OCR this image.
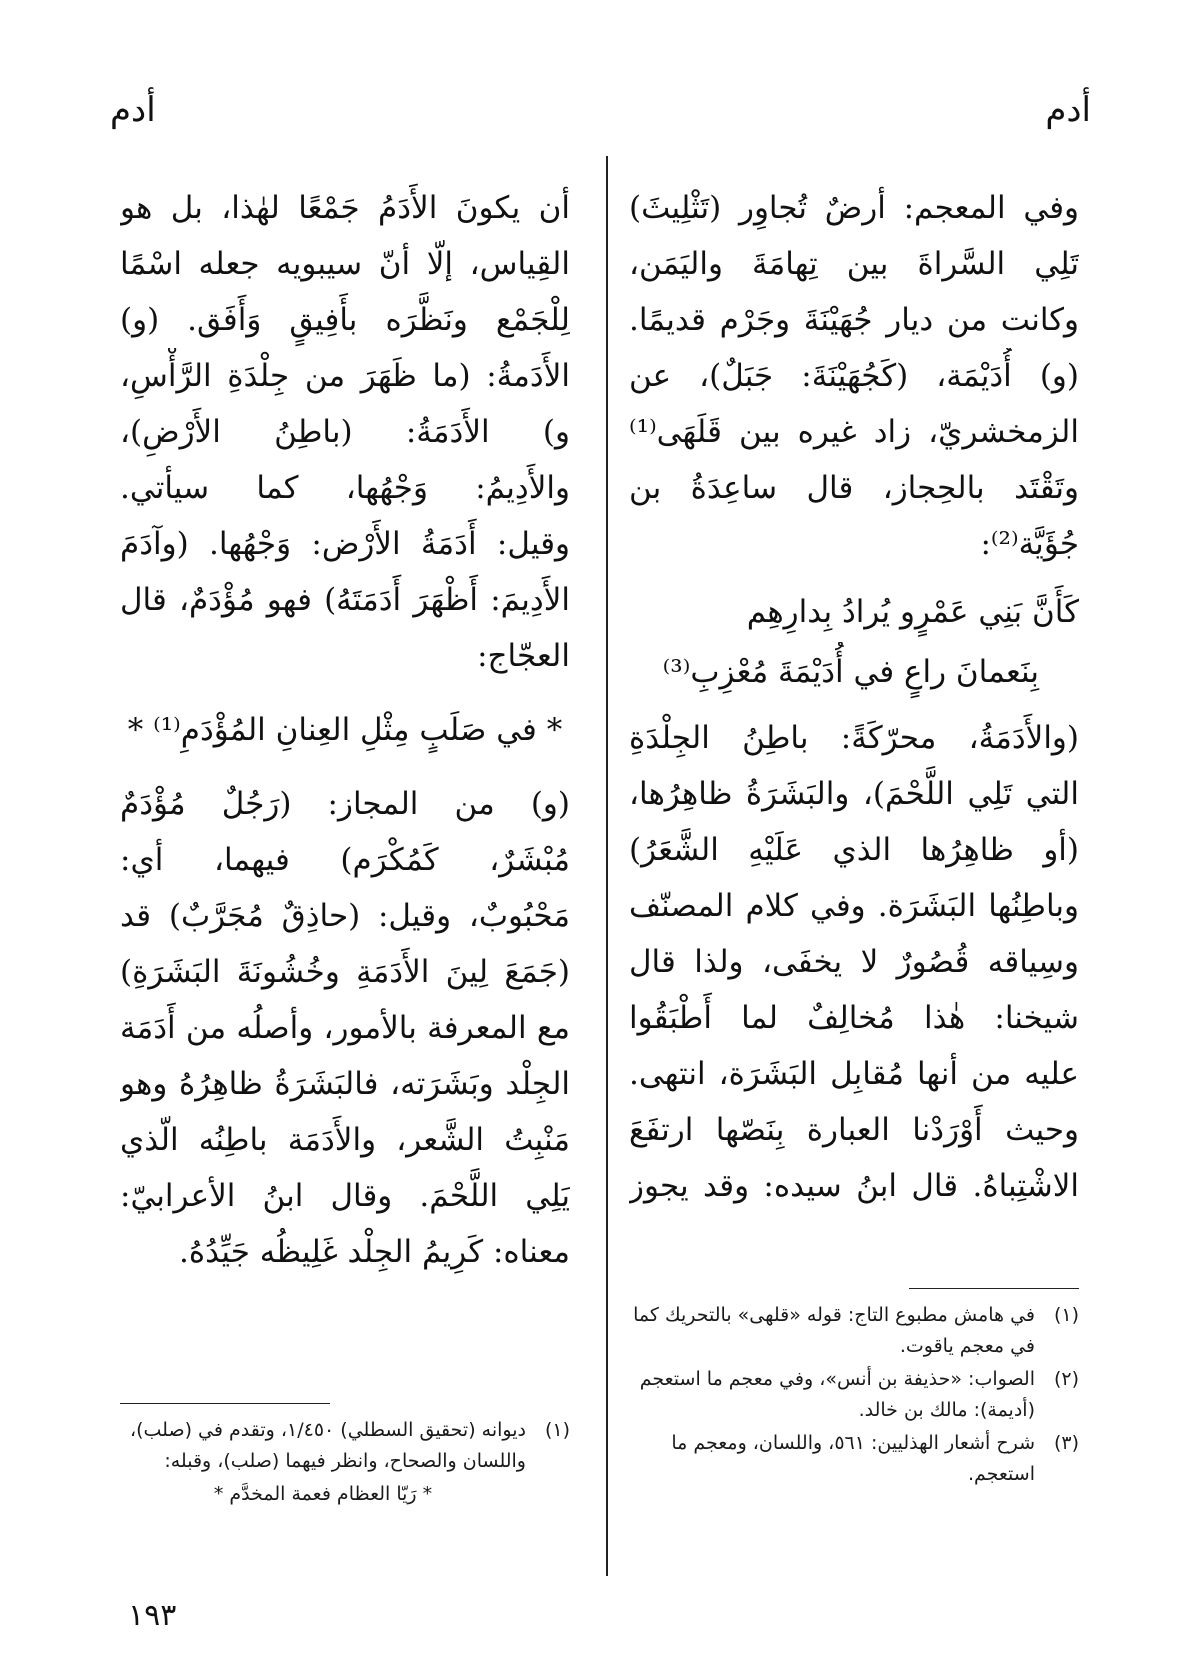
أدم
أدم
وفي المعجم: أرضٌ تُجاوِر (تَثْلِيثَ)
تَلِي السَّراةَ بين تِهامَةَ واليَمَن،
وكانت من ديار جُهَيْنَةَ وجَرْم قديمًا.
(و) أُدَيْمَة، (كَجُهَيْنَةَ: جَبَلٌ)، عن
الزمخشريّ، زاد غيره بين قَلَهَى⁽¹⁾
وتَقْتَد بالحِجاز، قال ساعِدَةُ بن
جُؤَيَّة⁽²⁾:
كَأَنَّ بَنِي عَمْرٍو يُرادُ بِدارِهِم
بِنَعمانَ راعٍ في أُدَيْمَةَ مُعْزِبِ⁽³⁾
(والأَدَمَةُ، محرّكَةً: باطِنُ الجِلْدَةِ
التي تَلِي اللَّحْمَ)، والبَشَرَةُ ظاهِرُها،
(أو ظاهِرُها الذي عَلَيْهِ الشَّعَرُ)
وباطِنُها البَشَرَة. وفي كلام المصنّف
وسِياقه قُصُورٌ لا يخفَى، ولذا قال
شيخنا: هٰذا مُخالِفٌ لما أَطْبَقُوا
عليه من أنها مُقابِل البَشَرَة، انتهى.
وحيث أَوْرَدْنا العبارة بِنَصّها ارتفَعَ
الاشْتِباهُ. قال ابنُ سيده: وقد يجوز
أن يكونَ الأَدَمُ جَمْعًا لهٰذا، بل هو
القِياس، إلّا أنّ سيبويه جعله اسْمًا
لِلْجَمْع ونَظَّرَه بأَفِيقٍ وَأَفَق. (و)
الأَدَمةُ: (ما ظَهَرَ من جِلْدَةِ الرَّأْسِ،
و) الأَدَمَةُ: (باطِنُ الأَرْضِ)،
والأَدِيمُ: وَجْهُها، كما سيأتي.
وقيل: أَدَمَةُ الأَرْض: وَجْهُها. (وآدَمَ
الأَدِيمَ: أَظْهَرَ أَدَمَتَهُ) فهو مُؤْدَمٌ، قال
العجّاج:
* في صَلَبٍ مِثْلِ العِنانِ المُؤْدَمِ⁽¹⁾ *
(و) من المجاز: (رَجُلٌ مُؤْدَمٌ
مُبْشَرٌ، كَمُكْرَم) فيهما، أي:
مَحْبُوبٌ، وقيل: (حاذِقٌ مُجَرَّبٌ) قد
(جَمَعَ لِينَ الأَدَمَةِ وخُشُونَةَ البَشَرَةِ)
مع المعرفة بالأمور، وأصلُه من أَدَمَة
الجِلْد وبَشَرَته، فالبَشَرَةُ ظاهِرُهُ وهو
مَنْبِتُ الشَّعر، والأَدَمَة باطِنُه الّذي
يَلِي اللَّحْمَ. وقال ابنُ الأعرابيّ:
معناه: كَرِيمُ الجِلْد غَلِيظُه جَيِّدُهُ.
(١)
في هامش مطبوع التاج: قوله «قلهى» بالتحريك كما في معجم ياقوت.
(٢)
الصواب: «حذيفة بن أنس»، وفي معجم ما استعجم (أديمة): مالك بن خالد.
(٣)
شرح أشعار الهذليين: ٥٦١، واللسان، ومعجم ما استعجم.
(١)
ديوانه (تحقيق السطلي) ١/٤٥٠، وتقدم في (صلب)، واللسان والصحاح، وانظر فيهما (صلب)، وقبله:
* رَيّا العظام فعمة المخدَّم *
١٩٣
